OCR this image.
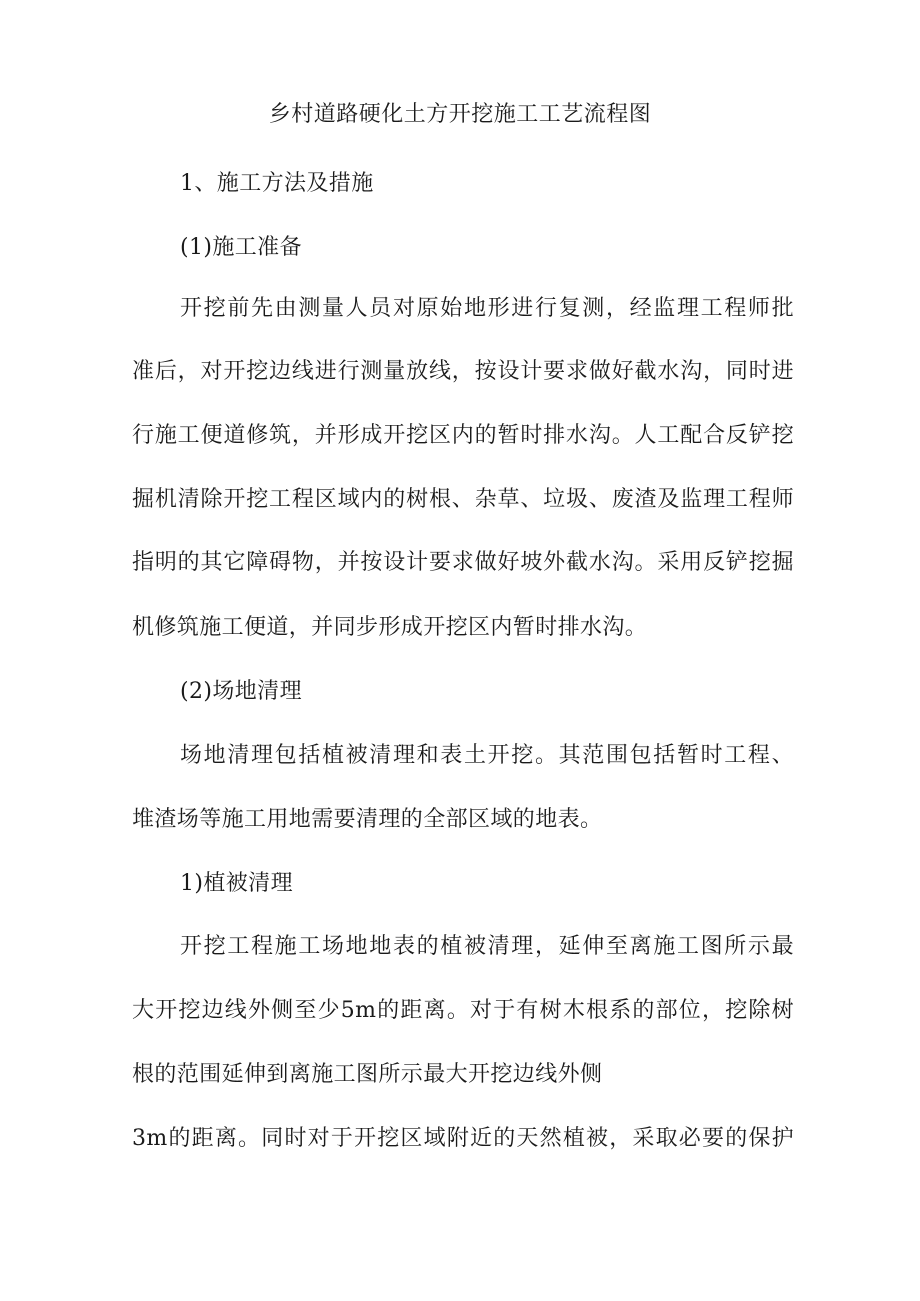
乡村道路硬化土方开挖施工工艺流程图
1、施工方法及措施
(1)施工准备
开挖前先由测量人员对原始地形进行复测，经监理工程师批
准后，对开挖边线进行测量放线，按设计要求做好截水沟，同时进
行施工便道修筑，并形成开挖区内的暂时排水沟。人工配合反铲挖
掘机清除开挖工程区域内的树根、杂草、垃圾、废渣及监理工程师
指明的其它障碍物，并按设计要求做好坡外截水沟。采用反铲挖掘
机修筑施工便道，并同步形成开挖区内暂时排水沟。
(2)场地清理
场地清理包括植被清理和表土开挖。其范围包括暂时工程、
堆渣场等施工用地需要清理的全部区域的地表。
1)植被清理
开挖工程施工场地地表的植被清理，延伸至离施工图所示最
大开挖边线外侧至少5m的距离。对于有树木根系的部位，挖除树
根的范围延伸到离施工图所示最大开挖边线外侧
3m的距离。同时对于开挖区域附近的天然植被，采取必要的保护
